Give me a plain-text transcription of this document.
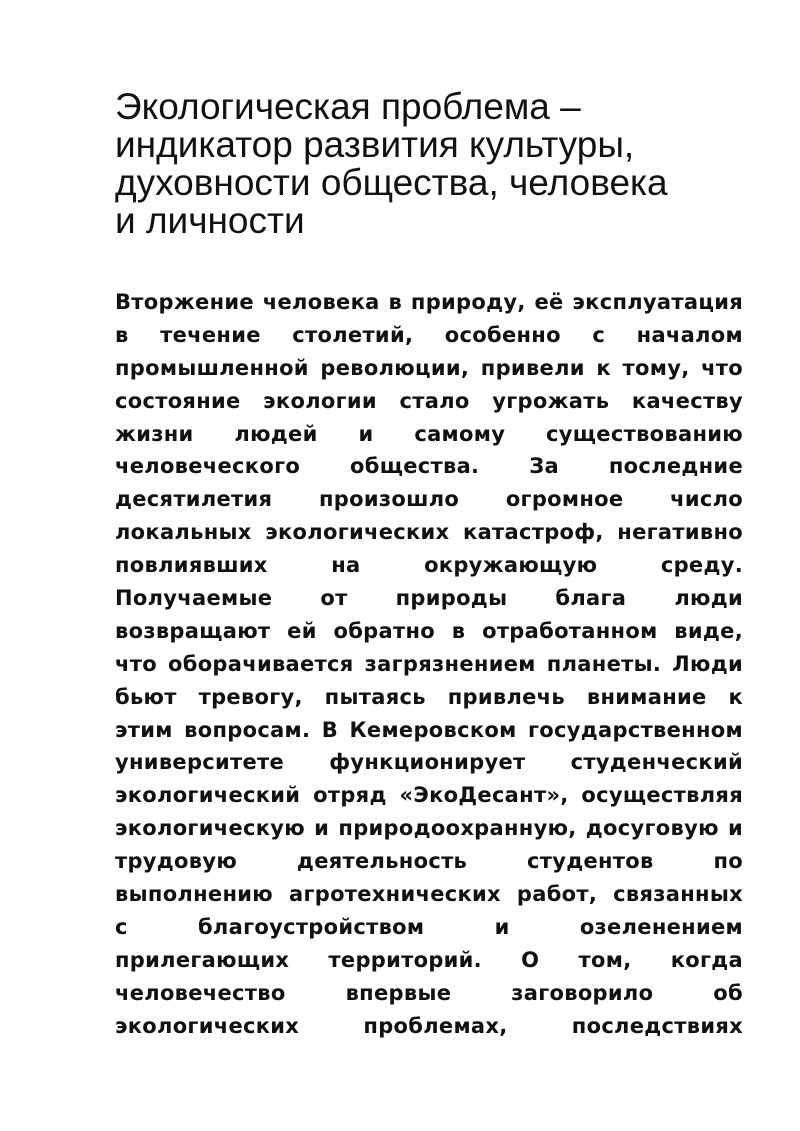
Экологическая проблема –
индикатор развития культуры,
духовности общества, человека
и личности
Вторжение человека в природу, её эксплуатация
в течение столетий, особенно с началом
промышленной революции, привели к тому, что
состояние экологии стало угрожать качеству
жизни людей и самому существованию
человеческого общества. За последние
десятилетия произошло огромное число
локальных экологических катастроф, негативно
повлиявших на окружающую среду.
Получаемые от природы блага люди
возвращают ей обратно в отработанном виде,
что оборачивается загрязнением планеты. Люди
бьют тревогу, пытаясь привлечь внимание к
этим вопросам. В Кемеровском государственном
университете функционирует студенческий
экологический отряд «ЭкоДесант», осуществляя
экологическую и природоохранную, досуговую и
трудовую деятельность студентов по
выполнению агротехнических работ, связанных
с благоустройством и озеленением
прилегающих территорий. О том, когда
человечество впервые заговорило об
экологических проблемах, последствиях
